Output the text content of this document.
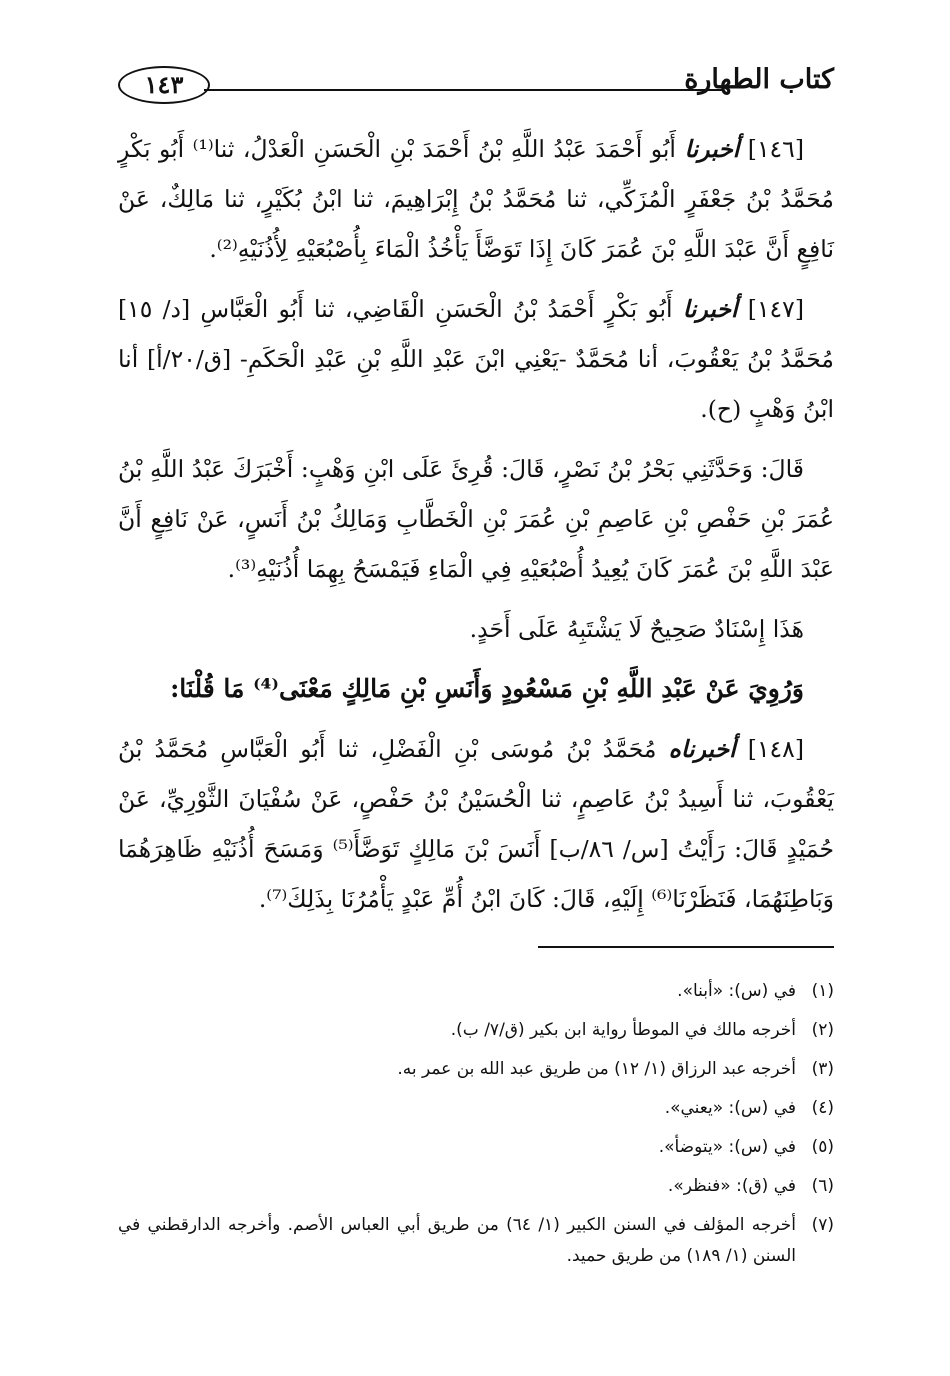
كتاب الطهارة
١٤٣

[١٤٦] أخبرنا أَبُو أَحْمَدَ عَبْدُ اللَّهِ بْنُ أَحْمَدَ بْنِ الْحَسَنِ الْعَدْلُ، ثنا⁽¹⁾ أَبُو بَكْرٍ مُحَمَّدُ بْنُ جَعْفَرٍ الْمُزَكِّي، ثنا مُحَمَّدُ بْنُ إِبْرَاهِيمَ، ثنا ابْنُ بُكَيْرٍ، ثنا مَالِكٌ، عَنْ نَافِعٍ أَنَّ عَبْدَ اللَّهِ بْنَ عُمَرَ كَانَ إِذَا تَوَضَّأَ يَأْخُذُ الْمَاءَ بِأُصْبُعَيْهِ لِأُذُنَيْهِ⁽²⁾.

[١٤٧] أخبرنا أَبُو بَكْرٍ أَحْمَدُ بْنُ الْحَسَنِ الْقَاضِي، ثنا أَبُو الْعَبَّاسِ [د/ ١٥] مُحَمَّدُ بْنُ يَعْقُوبَ، أنا مُحَمَّدٌ -يَعْنِي ابْنَ عَبْدِ اللَّهِ بْنِ عَبْدِ الْحَكَمِ- [ق/٢٠/أ] أنا ابْنُ وَهْبٍ (ح).

قَالَ: وَحَدَّثَنِي بَحْرُ بْنُ نَصْرٍ، قَالَ: قُرِئَ عَلَى ابْنِ وَهْبٍ: أَخْبَرَكَ عَبْدُ اللَّهِ بْنُ عُمَرَ بْنِ حَفْصِ بْنِ عَاصِمِ بْنِ عُمَرَ بْنِ الْخَطَّابِ وَمَالِكُ بْنُ أَنَسٍ، عَنْ نَافِعٍ أَنَّ عَبْدَ اللَّهِ بْنَ عُمَرَ كَانَ يُعِيدُ أُصْبُعَيْهِ فِي الْمَاءِ فَيَمْسَحُ بِهِمَا أُذُنَيْهِ⁽³⁾.

هَذَا إِسْنَادٌ صَحِيحٌ لَا يَشْتَبِهُ عَلَى أَحَدٍ.

وَرُوِيَ عَنْ عَبْدِ اللَّهِ بْنِ مَسْعُودٍ وَأَنَسِ بْنِ مَالِكٍ مَعْنَى⁽⁴⁾ مَا قُلْنَا:

[١٤٨] أخبرناه مُحَمَّدُ بْنُ مُوسَى بْنِ الْفَضْلِ، ثنا أَبُو الْعَبَّاسِ مُحَمَّدُ بْنُ يَعْقُوبَ، ثنا أَسِيدُ بْنُ عَاصِمٍ، ثنا الْحُسَيْنُ بْنُ حَفْصٍ، عَنْ سُفْيَانَ الثَّوْرِيِّ، عَنْ حُمَيْدٍ قَالَ: رَأَيْتُ [س/ ٨٦/ب] أَنَسَ بْنَ مَالِكٍ تَوَضَّأَ⁽⁵⁾ وَمَسَحَ أُذُنَيْهِ ظَاهِرَهُمَا وَبَاطِنَهُمَا، فَنَظَرْنَا⁽⁶⁾ إِلَيْهِ، قَالَ: كَانَ ابْنُ أُمِّ عَبْدٍ يَأْمُرُنَا بِذَلِكَ⁽⁷⁾.

(١)
في (س): «أبنا».
(٢)
أخرجه مالك في الموطأ رواية ابن بكير (ق/٧/ ب).
(٣)
أخرجه عبد الرزاق (١/ ١٢) من طريق عبد الله بن عمر به.
(٤)
في (س): «يعني».
(٥)
في (س): «يتوضأ».
(٦)
في (ق): «فنظر».
(٧)
أخرجه المؤلف في السنن الكبير (١/ ٦٤) من طريق أبي العباس الأصم. وأخرجه الدارقطني في السنن (١/ ١٨٩) من طريق حميد.
